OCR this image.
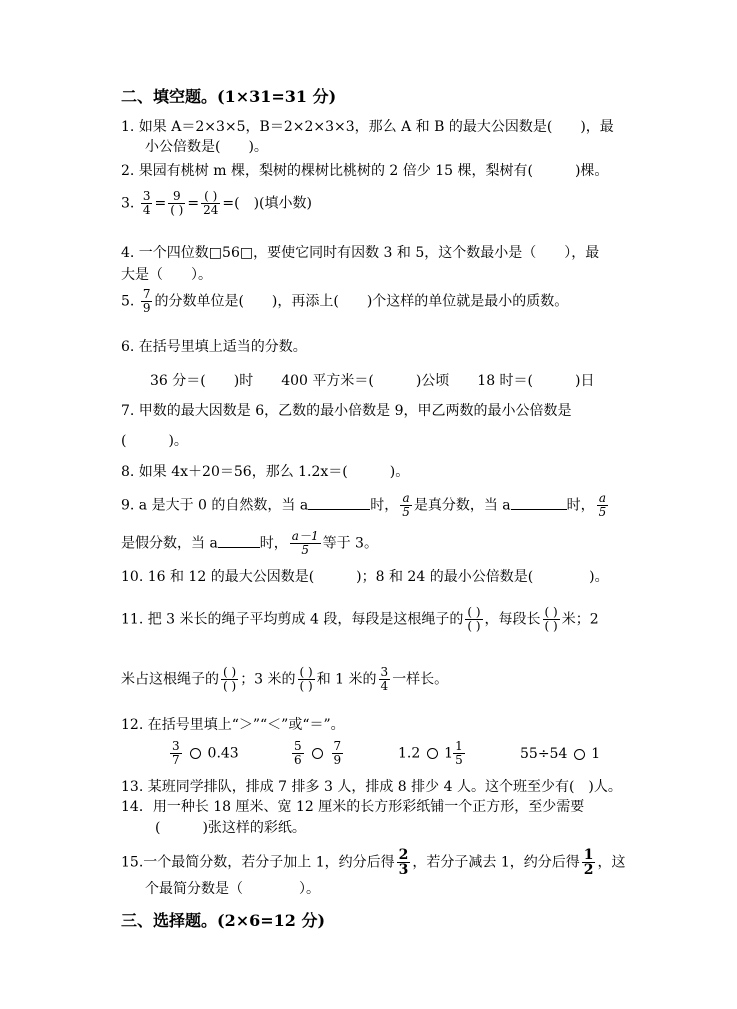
二、填空题。(1×31=31 分)
1. 如果 A＝2×3×5，B＝2×2×3×3，那么 A 和 B 的最大公因数是(　　)，最
小公倍数是(　　)。
2. 果园有桃树 m 棵，梨树的棵树比桃树的 2 倍少 15 棵，梨树有(　　　)棵。
3. $\frac{3}{4} = 9$
( ) = ( )
24 =(　)(填小数)
4. 一个四位数□56□，要使它同时有因数 3 和 5，这个数最小是（　　），最
大是（　　）。
5. $\frac{7}{9}$ 的分数单位是(　　)，再添上(　　)个这样的单位就是最小的质数。
6. 在括号里填上适当的分数。
36 分＝(　　)时　　400 平方米＝(　　　)公顷　　18 时＝(　　　)日
7. 甲数的最大因数是 6，乙数的最小倍数是 9，甲乙两数的最小公倍数是
(　　　)。
8. 如果 4x＋20＝56，那么 1.2x＝(　　　)。
9. a 是大于 0 的自然数，当 a	时， $\frac{a}{5}$ 是真分数，当 a	时， $\frac{a}{5}$
是假分数，当 a	时， $\frac{a-1}{5}$ 等于 3。
10. 16 和 12 的最大公因数是(　　　)；8 和 24 的最小公倍数是(　　　　)。
11. 把 3 米长的绳子平均剪成 4 段，每段是这根绳子的 ( )
( ) ，每段长 ( )
( ) 米；2
米占这根绳子的 ( )
( ) ；3 米的 ( )
( ) 和 1 米的 $\frac{3}{4}$ 一样长。
12. 在括号里填上“＞”“＜”或“＝”。
$\frac{3}{7} 0.43$	$\frac{5}{6}$
$\frac{7}{9}$	1.2 $1 \frac{1}{5}$	55÷54 1
13. 某班同学排队，排成 7 排多 3 人，排成 8 排少 4 人。这个班至少有(　)人。
14．用一种长 18 厘米、宽 12 厘米的长方形彩纸铺一个正方形，至少需要
(　　　)张这样的彩纸。
15.一个最简分数，若分子加上 1，约分后得 $\frac{2}{3}$ ，若分子减去 1，约分后得 $\frac{1}{2}$ ，这
个最简分数是（　　　　）。
三、选择题。(2×6=12 分)
